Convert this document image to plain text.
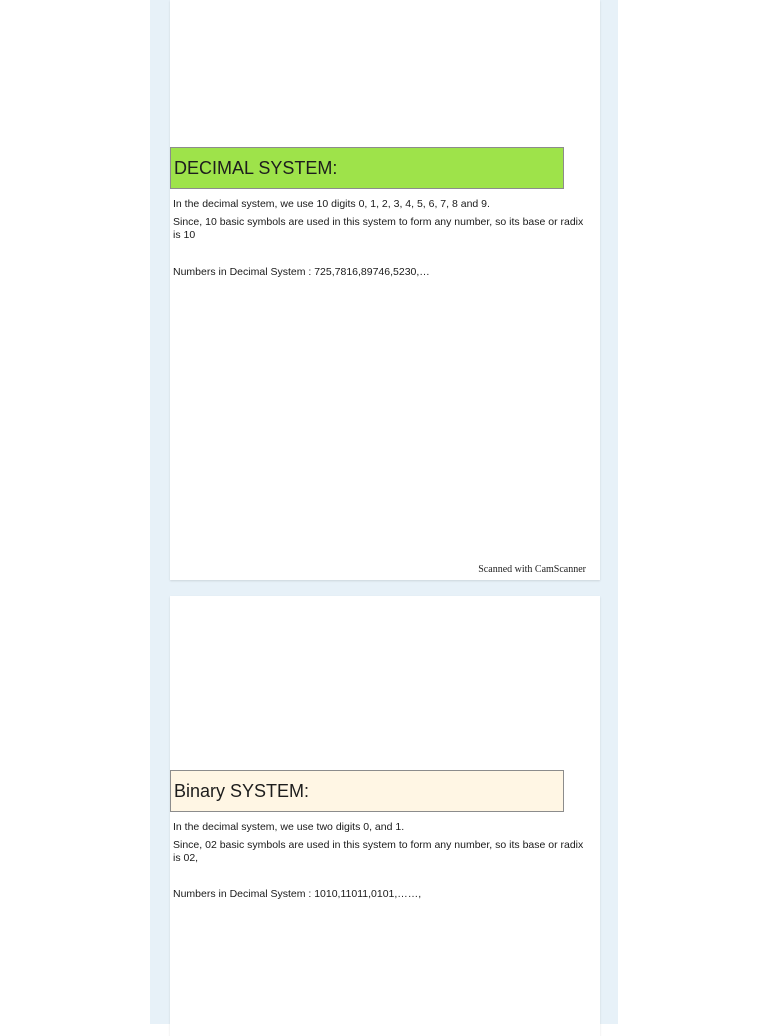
DECIMAL SYSTEM:

In the decimal system, we use 10 digits 0, 1, 2, 3, 4, 5, 6, 7, 8 and 9.

Since, 10 basic symbols are used in this system to form any number, so its base or radix is 10

Numbers in Decimal System : 725,7816,89746,5230,…

Scanned with CamScanner
Binary SYSTEM:

In the decimal system, we use two digits 0, and 1.

Since, 02 basic symbols are used in this system to form any number, so its base or radix is 02,

Numbers in Decimal System : 1010,11011,0101,……,
